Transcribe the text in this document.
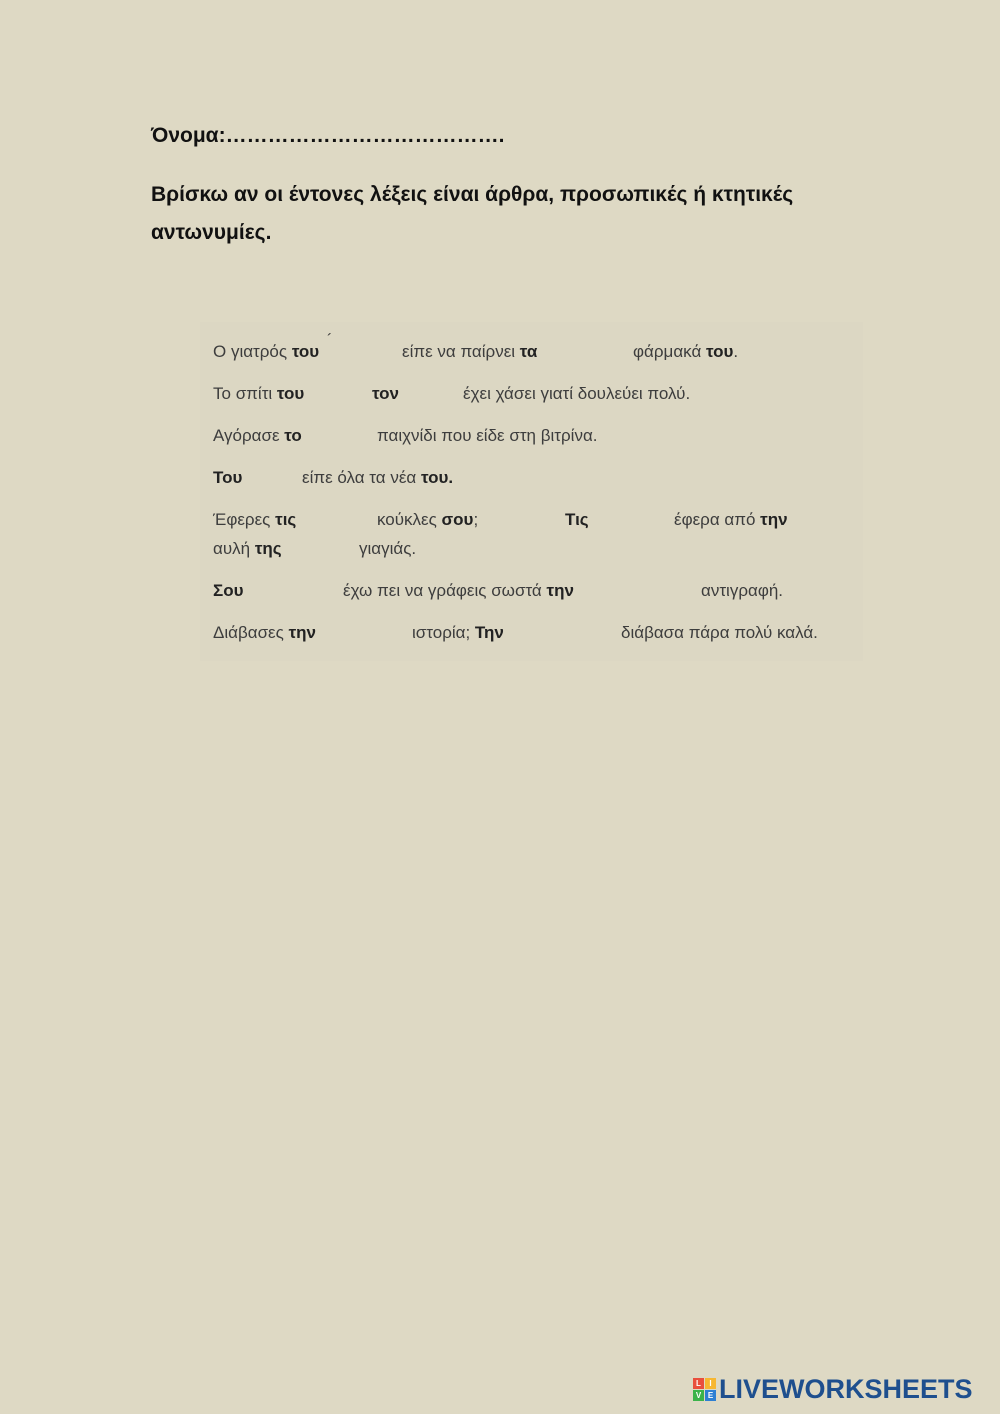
Όνομα:………………………………….
Βρίσκω αν οι έντονες λέξεις είναι άρθρα, προσωπικές ή κτητικές αντωνυμίες.
Ο γιατρός του
´
είπε να παίρνει τα	φάρμακά του.
Το σπίτι του	τον	έχει χάσει γιατί δουλεύει πολύ.
Αγόρασε το	παιχνίδι που είδε στη βιτρίνα.
Του	είπε όλα τα νέα του.
Έφερες τις	κούκλες σου;	Τις	έφερα από την
αυλή της	γιαγιάς.
Σου	έχω πει να γράφεις σωστά την	αντιγραφή.
Διάβασες την	ιστορία; Την	διάβασα πάρα πολύ καλά.
L	I
V E LIVEWORKSHEETS
